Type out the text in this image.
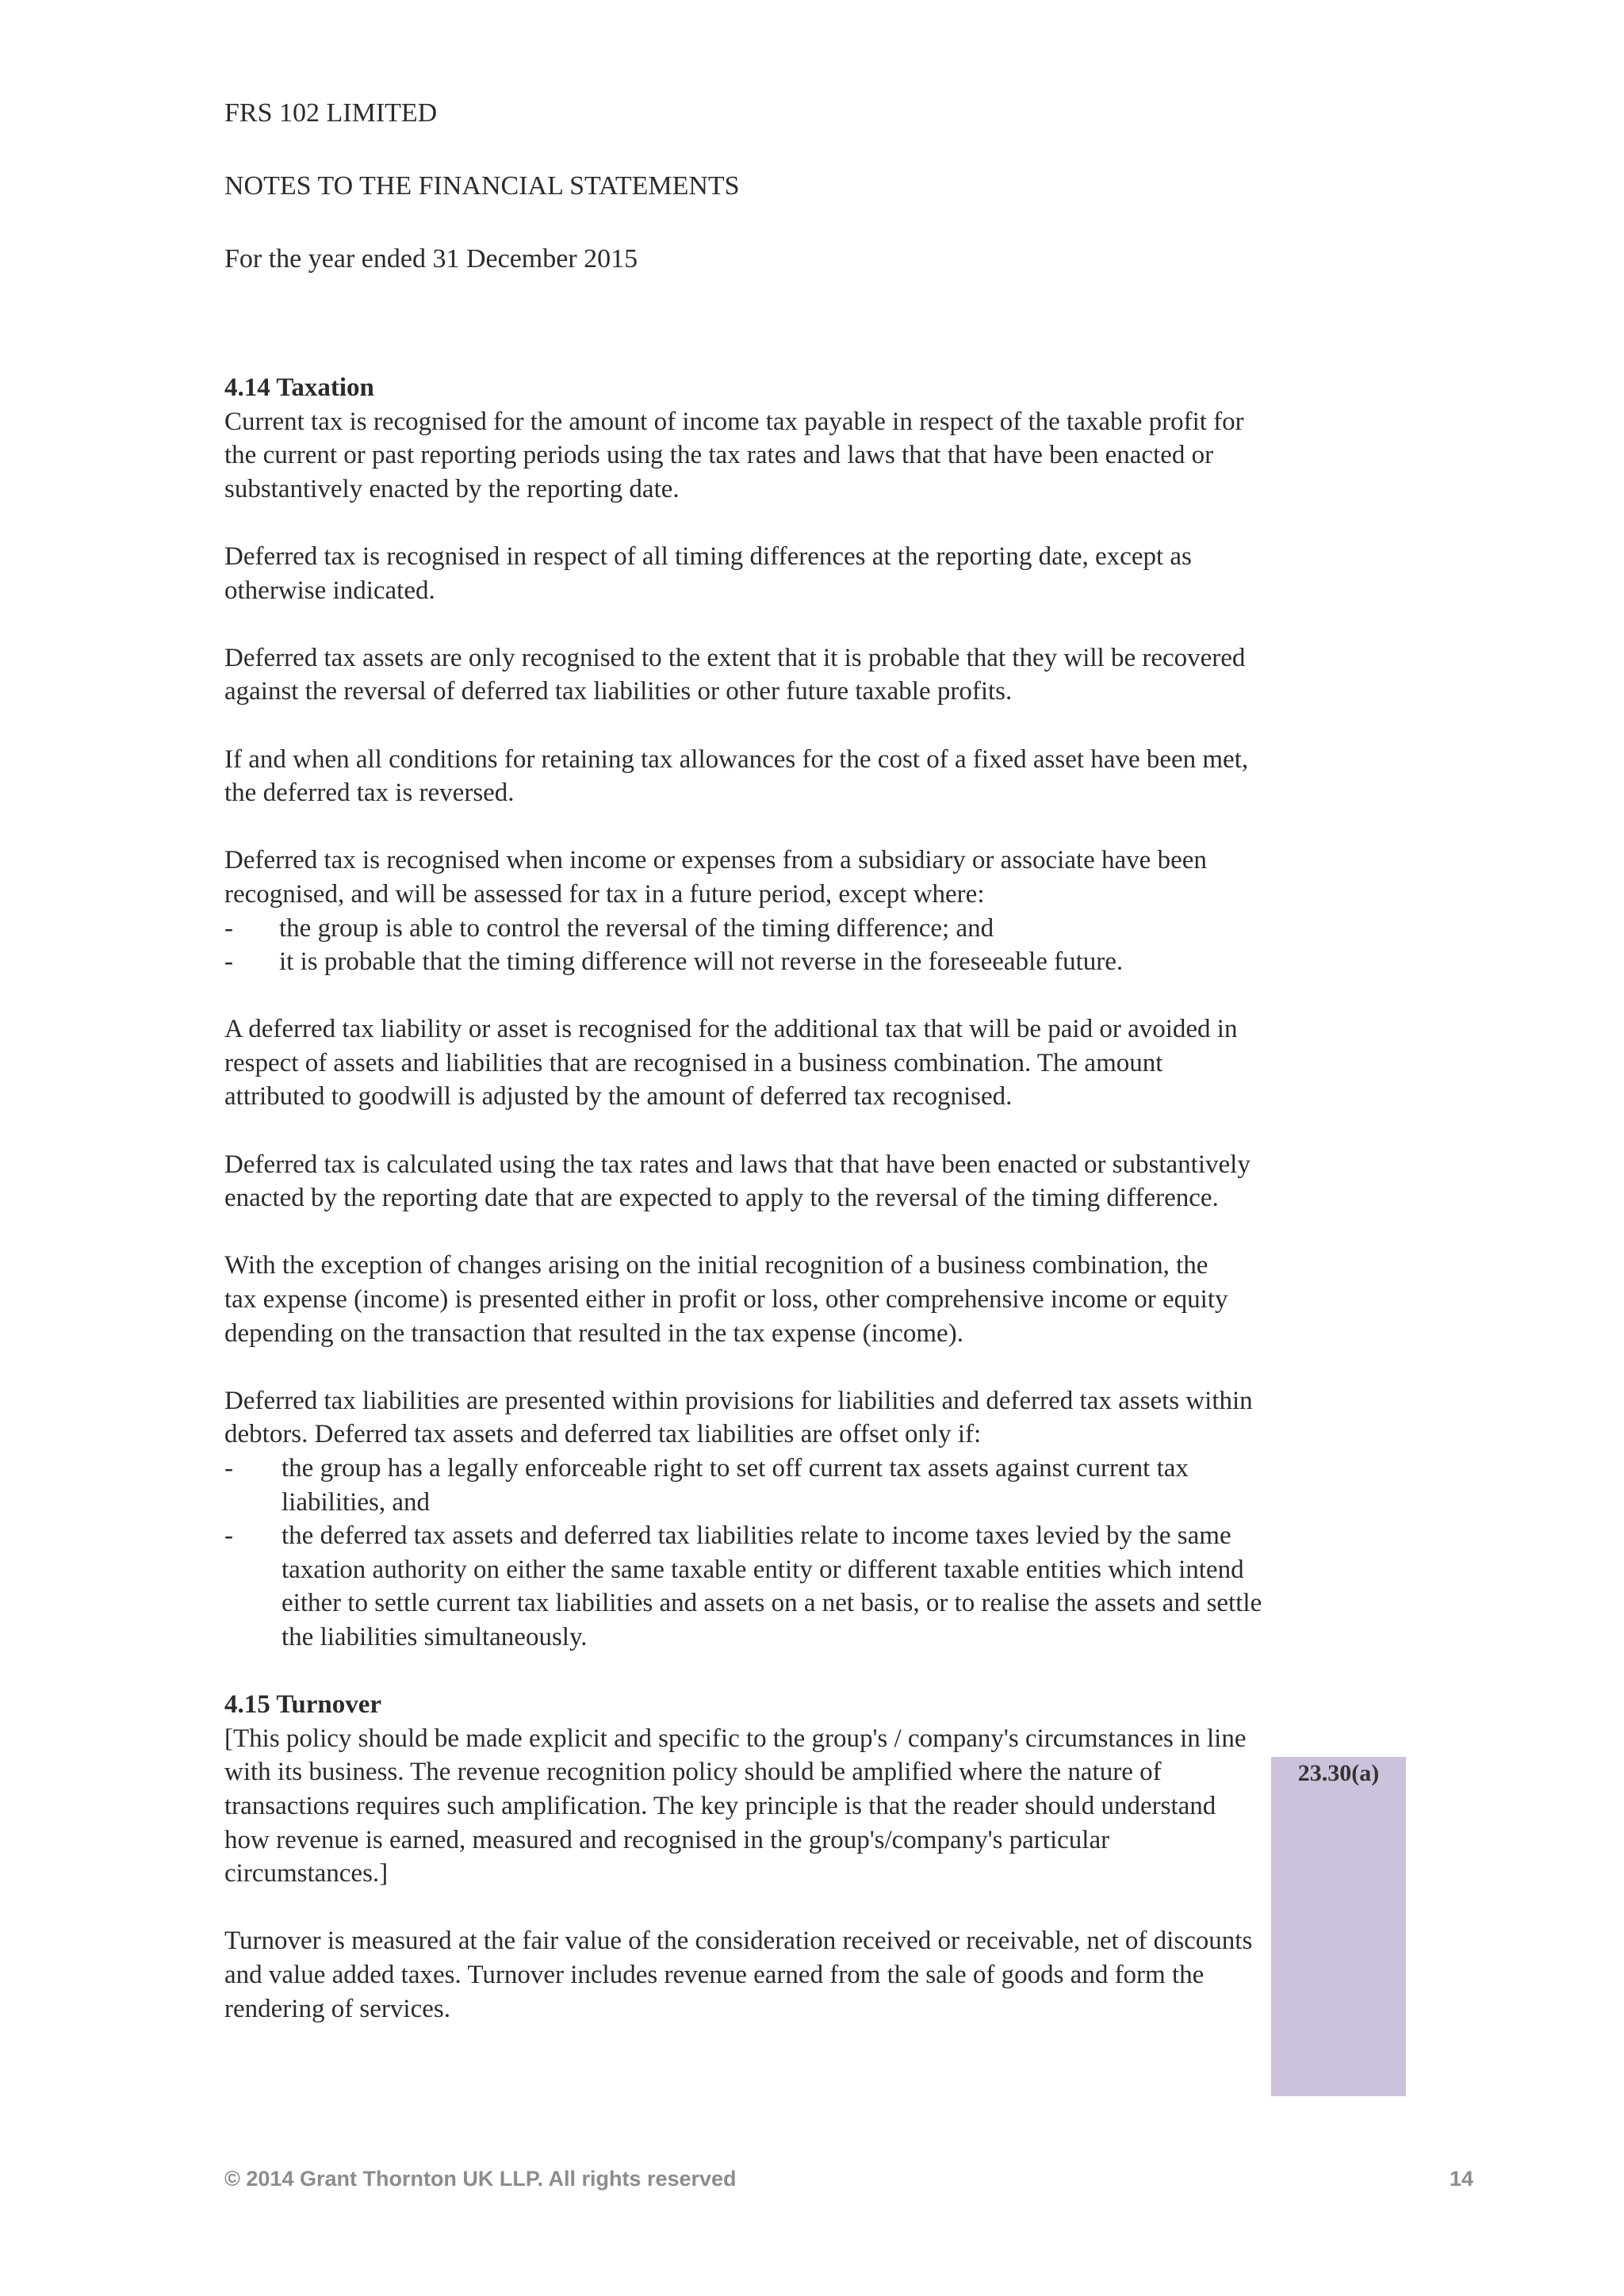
FRS 102 LIMITED
NOTES TO THE FINANCIAL STATEMENTS
For the year ended 31 December 2015
23.30(a)

4.14 Taxation

Current tax is recognised for the amount of income tax payable in respect of the taxable profit for the current or past reporting periods using the tax rates and laws that that have been enacted or substantively enacted by the reporting date.

Deferred tax is recognised in respect of all timing differences at the reporting date, except as otherwise indicated.

Deferred tax assets are only recognised to the extent that it is probable that they will be recovered against the reversal of deferred tax liabilities or other future taxable profits.

If and when all conditions for retaining tax allowances for the cost of a fixed asset have been met, the deferred tax is reversed.

Deferred tax is recognised when income or expenses from a subsidiary or associate have been recognised, and will be assessed for tax in a future period, except where:

- the group is able to control the reversal of the timing difference; and

- it is probable that the timing difference will not reverse in the foreseeable future.

A deferred tax liability or asset is recognised for the additional tax that will be paid or avoided in respect of assets and liabilities that are recognised in a business combination. The amount attributed to goodwill is adjusted by the amount of deferred tax recognised.

Deferred tax is calculated using the tax rates and laws that that have been enacted or substantively enacted by the reporting date that are expected to apply to the reversal of the timing difference.

With the exception of changes arising on the initial recognition of a business combination, the tax expense (income) is presented either in profit or loss, other comprehensive income or equity depending on the transaction that resulted in the tax expense (income).

Deferred tax liabilities are presented within provisions for liabilities and deferred tax assets within debtors. Deferred tax assets and deferred tax liabilities are offset only if:

- the group has a legally enforceable right to set off current tax assets against current tax liabilities, and

- the deferred tax assets and deferred tax liabilities relate to income taxes levied by the same taxation authority on either the same taxable entity or different taxable entities which intend either to settle current tax liabilities and assets on a net basis, or to realise the assets and settle the liabilities simultaneously.

4.15 Turnover

[This policy should be made explicit and specific to the group's / company's circumstances in line with its business. The revenue recognition policy should be amplified where the nature of transactions requires such amplification. The key principle is that the reader should understand how revenue is earned, measured and recognised in the group's/company's particular circumstances.]

Turnover is measured at the fair value of the consideration received or receivable, net of discounts and value added taxes. Turnover includes revenue earned from the sale of goods and form the rendering of services.

© 2014 Grant Thornton UK LLP. All rights reserved	14
